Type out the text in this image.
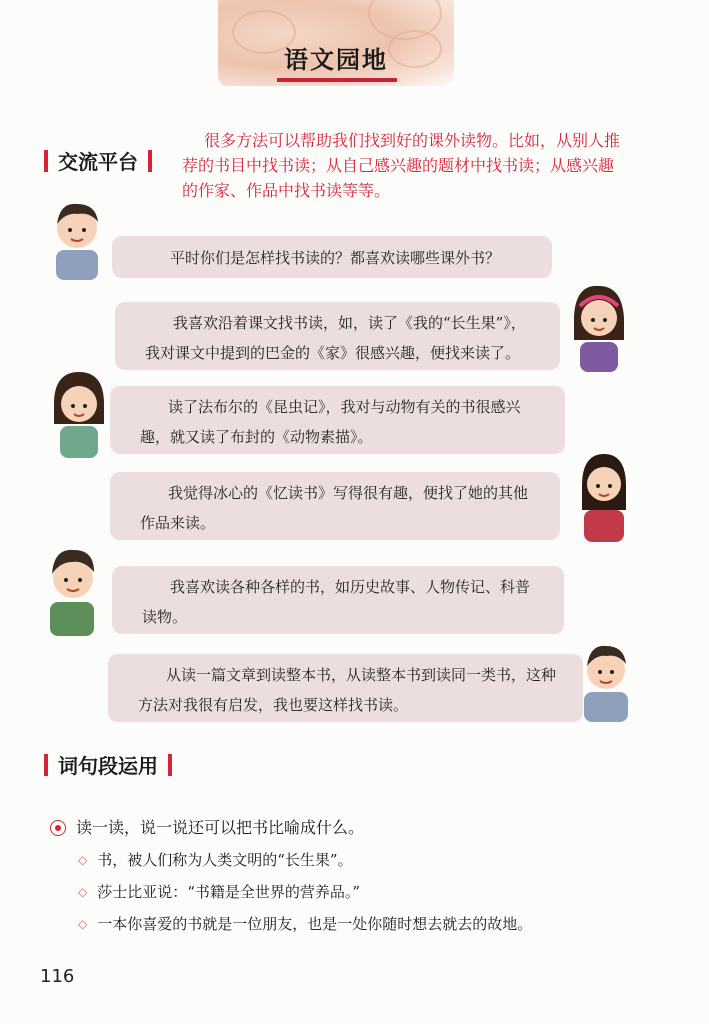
语文园地
交流平台
很多方法可以帮助我们找到好的课外读物。比如，从别人推荐的书目中找书读；从自己感兴趣的题材中找书读；从感兴趣的作家、作品中找书读等等。
平时你们是怎样找书读的？都喜欢读哪些课外书？
我喜欢沿着课文找书读，如，读了《我的“长生果”》，我对课文中提到的巴金的《家》很感兴趣，便找来读了。
读了法布尔的《昆虫记》，我对与动物有关的书很感兴趣，就又读了布封的《动物素描》。
我觉得冰心的《忆读书》写得很有趣，便找了她的其他作品来读。
我喜欢读各种各样的书，如历史故事、人物传记、科普读物。
从读一篇文章到读整本书，从读整本书到读同一类书，这种方法对我很有启发，我也要这样找书读。
词句段运用
读一读，说一说还可以把书比喻成什么。
◇ 书，被人们称为人类文明的“长生果”。
◇ 莎士比亚说：“书籍是全世界的营养品。”
◇ 一本你喜爱的书就是一位朋友，也是一处你随时想去就去的故地。
116
